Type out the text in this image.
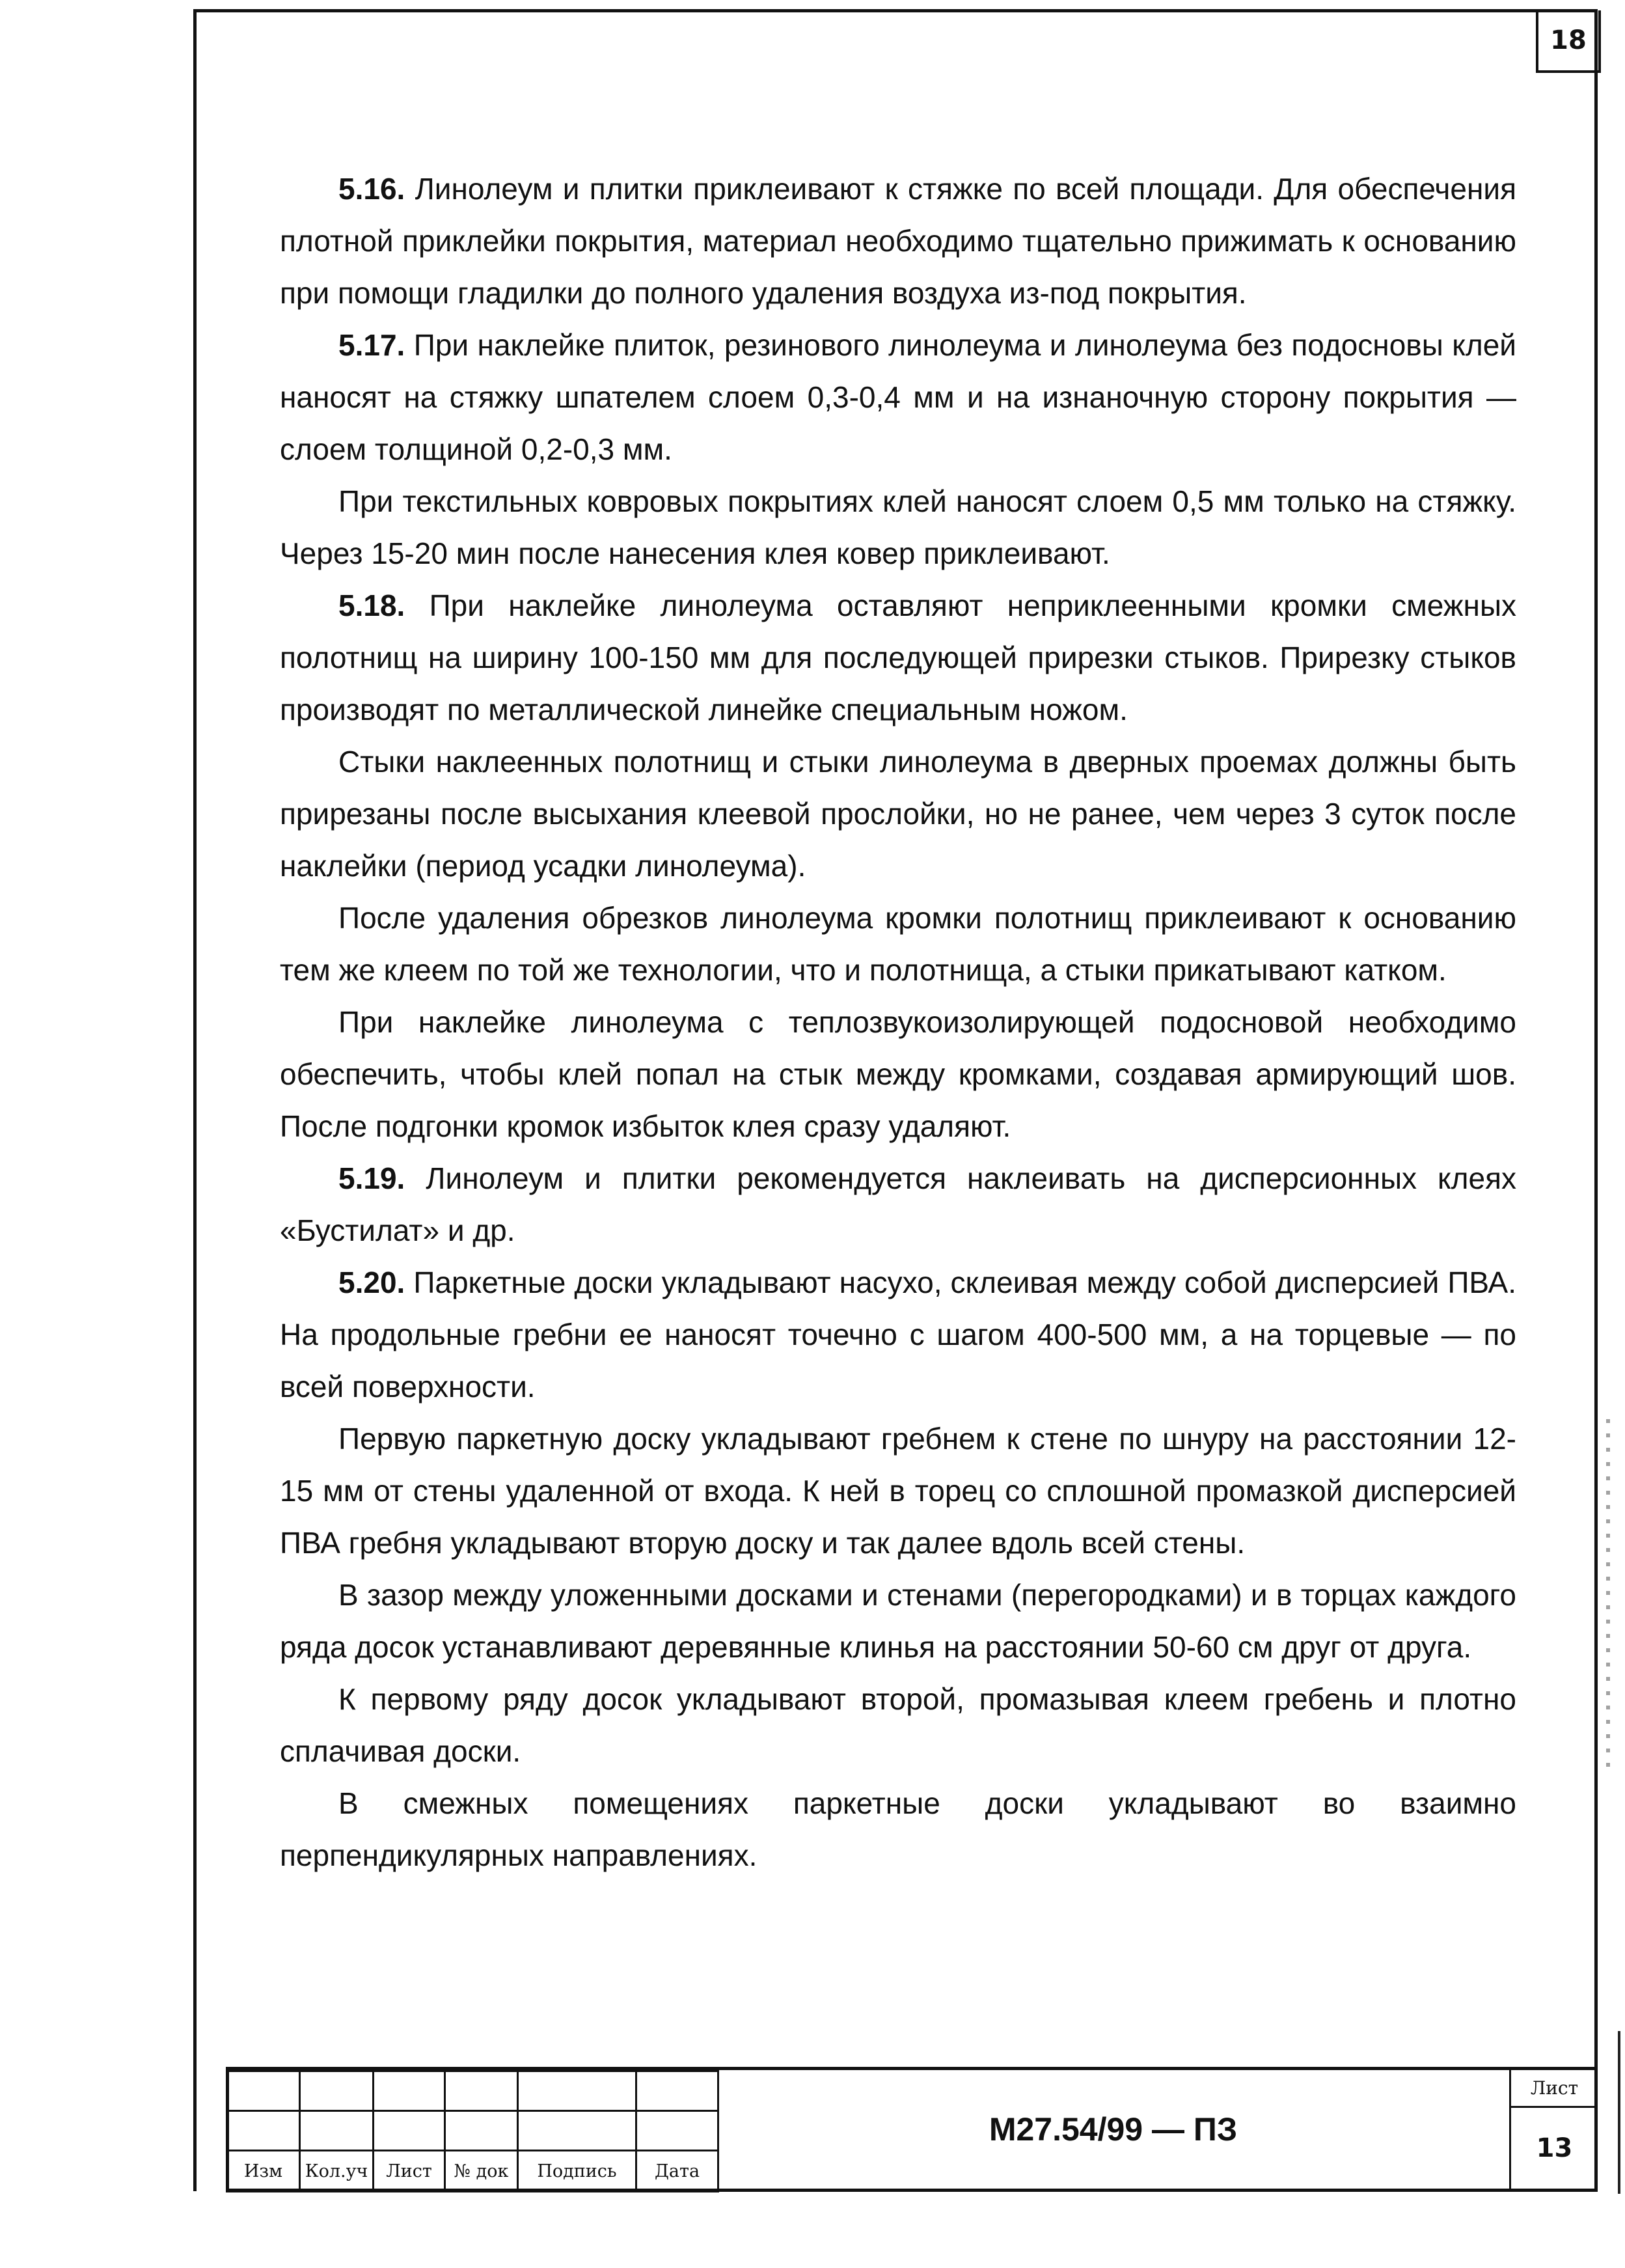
18

5.16. Линолеум и плитки приклеивают к стяжке по всей площади. Для обеспечения плотной приклейки покрытия, материал необходимо тщательно прижимать к основанию при помощи гладилки до полного удаления воздуха из-под покрытия.

5.17. При наклейке плиток, резинового линолеума и линолеума без подосновы клей наносят на стяжку шпателем слоем 0,3-0,4 мм и на изнаночную сторону покрытия — слоем толщиной 0,2-0,3 мм.

При текстильных ковровых покрытиях клей наносят слоем 0,5 мм только на стяжку. Через 15-20 мин после нанесения клея ковер приклеивают.

5.18. При наклейке линолеума оставляют неприклеенными кромки смежных полотнищ на ширину 100-150 мм для последующей прирезки стыков. Прирезку стыков производят по металлической линейке специальным ножом.

Стыки наклеенных полотнищ и стыки линолеума в дверных проемах должны быть прирезаны после высыхания клеевой прослойки, но не ранее, чем через 3 суток после наклейки (период усадки линолеума).

После удаления обрезков линолеума кромки полотнищ приклеивают к основанию тем же клеем по той же технологии, что и полотнища, а стыки прикатывают катком.

При наклейке линолеума с теплозвукоизолирующей подосновой необходимо обеспечить, чтобы клей попал на стык между кромками, создавая армирующий шов. После подгонки кромок избыток клея сразу удаляют.

5.19. Линолеум и плитки рекомендуется наклеивать на дисперсионных клеях «Бустилат» и др.

5.20. Паркетные доски укладывают насухо, склеивая между собой дисперсией ПВА. На продольные гребни ее наносят точечно с шагом 400-500 мм, а на торцевые — по всей поверхности.

Первую паркетную доску укладывают гребнем к стене по шнуру на расстоянии 12-15 мм от стены удаленной от входа. К ней в торец со сплошной промазкой дисперсией ПВА гребня укладывают вторую доску и так далее вдоль всей стены.

В зазор между уложенными досками и стенами (перегородками) и в торцах каждого ряда досок устанавливают деревянные клинья на расстоянии 50-60 см друг от друга.

К первому ряду досок укладывают второй, промазывая клеем гребень и плотно сплачивая доски.

В смежных помещениях паркетные доски укладывают во взаимно перпендикулярных направлениях.

Изм	Кол.уч	Лист	№ док	Подпись	Дата
М27.54/99 — ПЗ
Лист
13
